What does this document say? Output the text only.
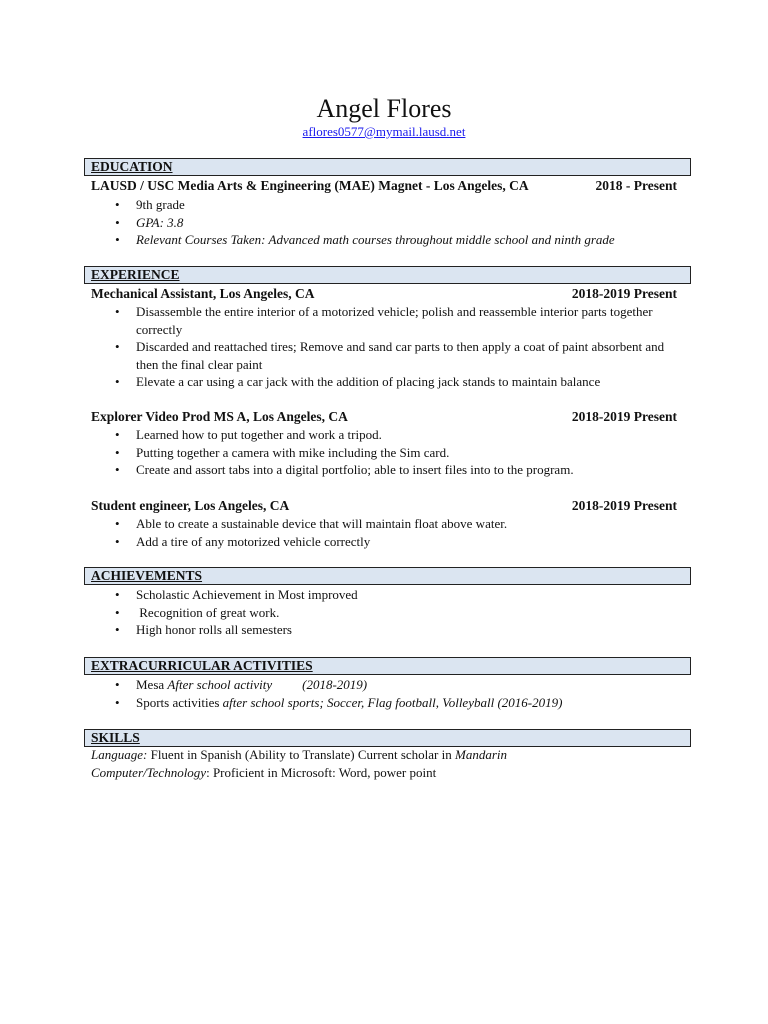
Angel Flores
aflores0577@mymail.lausd.net
EDUCATION
LAUSD / USC Media Arts & Engineering (MAE) Magnet - Los Angeles, CA	2018 - Present
• 9th grade
• GPA: 3.8
• Relevant Courses Taken: Advanced math courses throughout middle school and ninth grade
EXPERIENCE
Mechanical Assistant, Los Angeles, CA	2018-2019 Present
• Disassemble the entire interior of a motorized vehicle; polish and reassemble interior parts together correctly
• Discarded and reattached tires; Remove and sand car parts to then apply a coat of paint absorbent and then the final clear paint
• Elevate a car using a car jack with the addition of placing jack stands to maintain balance
Explorer Video Prod MS A, Los Angeles, CA	2018-2019 Present
• Learned how to put together and work a tripod.
• Putting together a camera with mike including the Sim card.
• Create and assort tabs into a digital portfolio; able to insert files into to the program.
Student engineer, Los Angeles, CA	2018-2019 Present
• Able to create a sustainable device that will maintain float above water.
• Add a tire of any motorized vehicle correctly
ACHIEVEMENTS
• Scholastic Achievement in Most improved
•  Recognition of great work.
• High honor rolls all semesters
EXTRACURRICULAR ACTIVITIES
• Mesa After school activity (2018-2019)
• Sports activities after school sports; Soccer, Flag football, Volleyball (2016-2019)
SKILLS
Language: Fluent in Spanish (Ability to Translate) Current scholar in Mandarin
Computer/Technology: Proficient in Microsoft: Word, power point
